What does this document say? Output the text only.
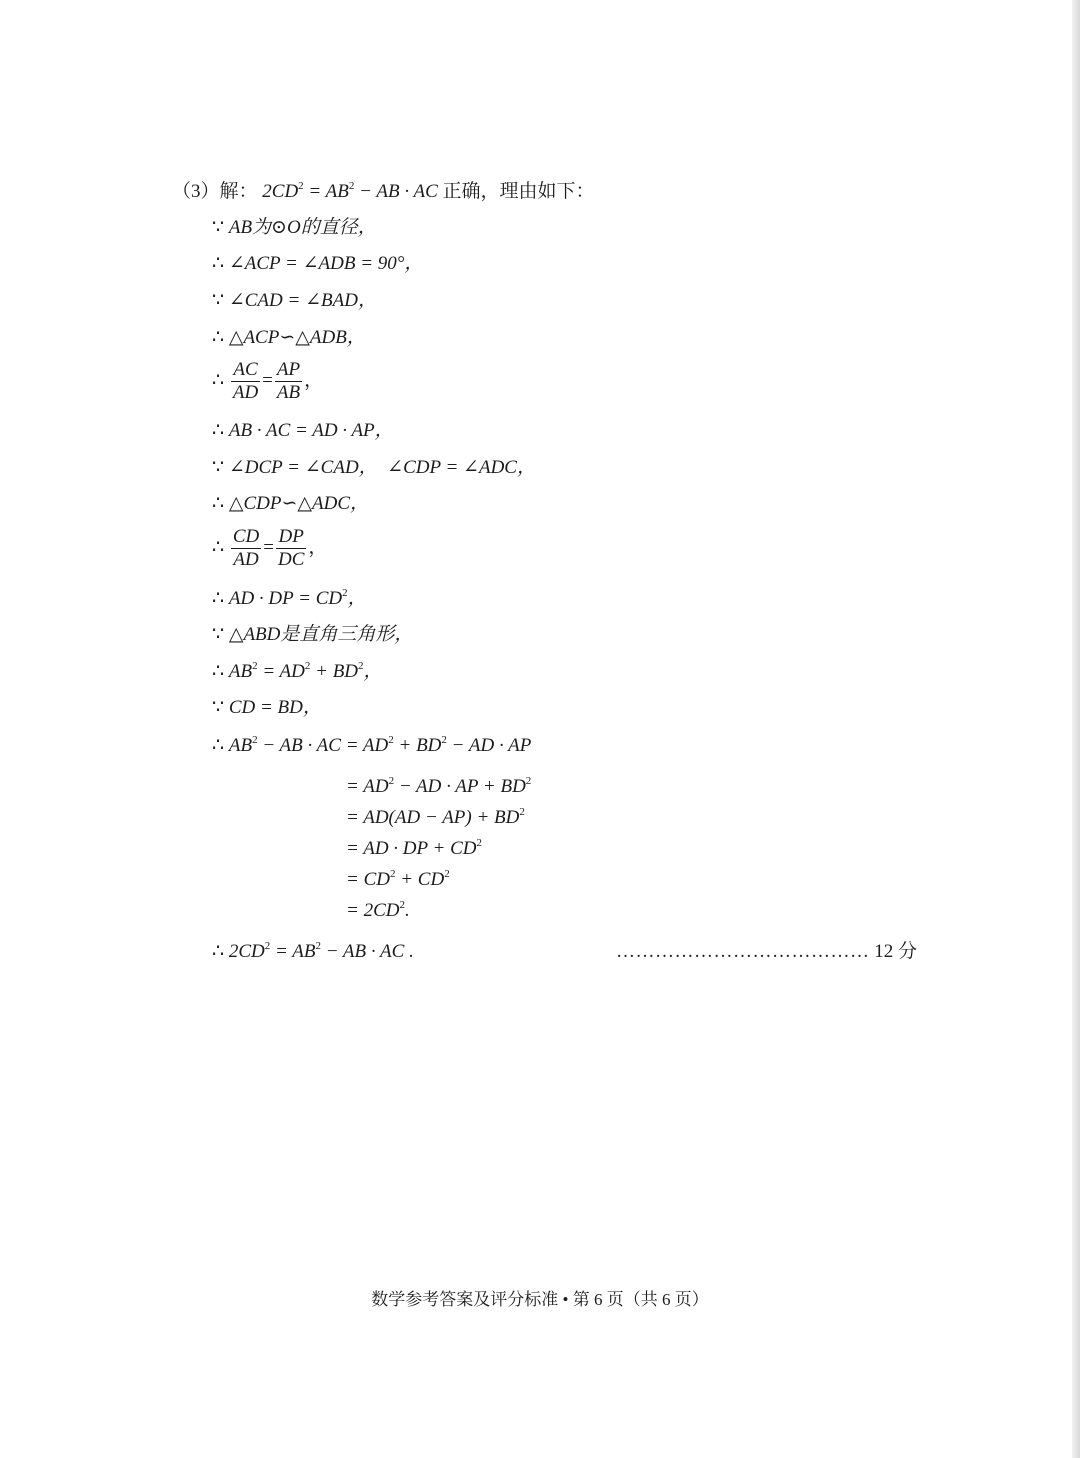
（3）解： $2CD^2 = AB^2$ − AB · AC 正确，理由如下：
∵ AB为⊙O的直径，
∴ ∠ACP = ∠ADB = 90°，
∵ ∠CAD = ∠BAD，
∴ △ACP∽△ADB，
∴ $\frac{AC}{AD} = \frac{AP}{AB}$ ，
∴ AB · AC = AD · AP，
∵ ∠DCP = ∠CAD，  ∠CDP = ∠ADC，
∴ △CDP∽△ADC，
∴ $\frac{CD}{AD} = \frac{DP}{DC}$ ，
∴ AD · DP = $CD^2$，
∵ △ABD是直角三角形，
∴ $AB^2 = AD^2 + BD^2$，
∵ CD = BD，
∴ $AB^2$ − AB · AC = $AD^2 + BD^2$ − AD · AP
= $AD^2$ − AD · AP + $BD^2$
= $AD(AD - AP) + BD^2$
= AD · DP + $CD^2$
= $CD^2 + CD^2$
= $2CD^2$.
∴ $2CD^2 = AB^2$ − AB · AC .	………………………………… 12 分
数学参考答案及评分标准 • 第 6 页（共 6 页）
